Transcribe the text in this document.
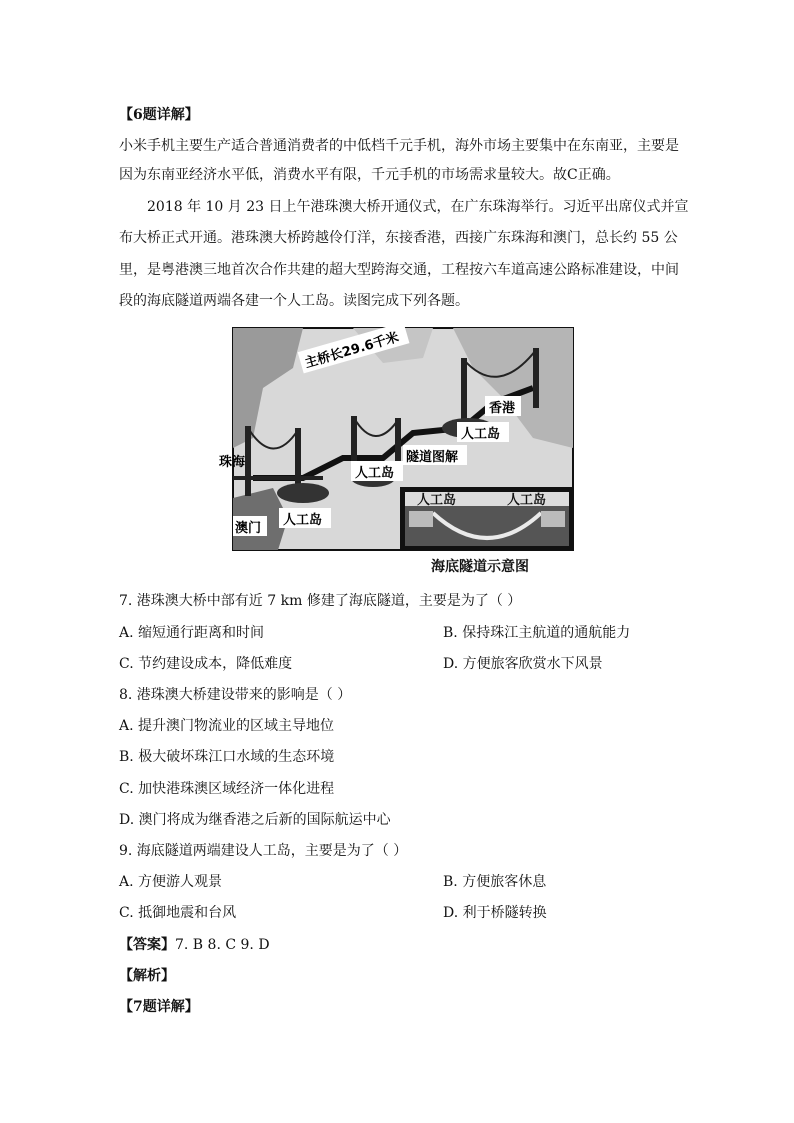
【6题详解】
小米手机主要生产适合普通消费者的中低档千元手机，海外市场主要集中在东南亚，主要是
因为东南亚经济水平低，消费水平有限，千元手机的市场需求量较大。故C正确。
2018 年 10 月 23 日上午港珠澳大桥开通仪式，在广东珠海举行。习近平出席仪式并宣
布大桥正式开通。港珠澳大桥跨越伶仃洋，东接香港，西接广东珠海和澳门，总长约 55 公
里，是粤港澳三地首次合作共建的超大型跨海交通，工程按六车道高速公路标准建设，中间
段的海底隧道两端各建一个人工岛。读图完成下列各题。
主桥长29.6千米
香港
珠海
澳门
人工岛
人工岛
人工岛
隧道图解
人工岛	人工岛
海底隧道示意图
7. 港珠澳大桥中部有近 7 km 修建了海底隧道，主要是为了（ ）
A. 缩短通行距离和时间	B. 保持珠江主航道的通航能力
C. 节约建设成本，降低难度	D. 方便旅客欣赏水下风景
8. 港珠澳大桥建设带来的影响是（ ）
A. 提升澳门物流业的区域主导地位
B. 极大破坏珠江口水域的生态环境
C. 加快港珠澳区域经济一体化进程
D. 澳门将成为继香港之后新的国际航运中心
9. 海底隧道两端建设人工岛，主要是为了（ ）
A. 方便游人观景	B. 方便旅客休息
C. 抵御地震和台风	D. 利于桥隧转换
【答案】7. B 8. C 9. D
【解析】
【7题详解】
